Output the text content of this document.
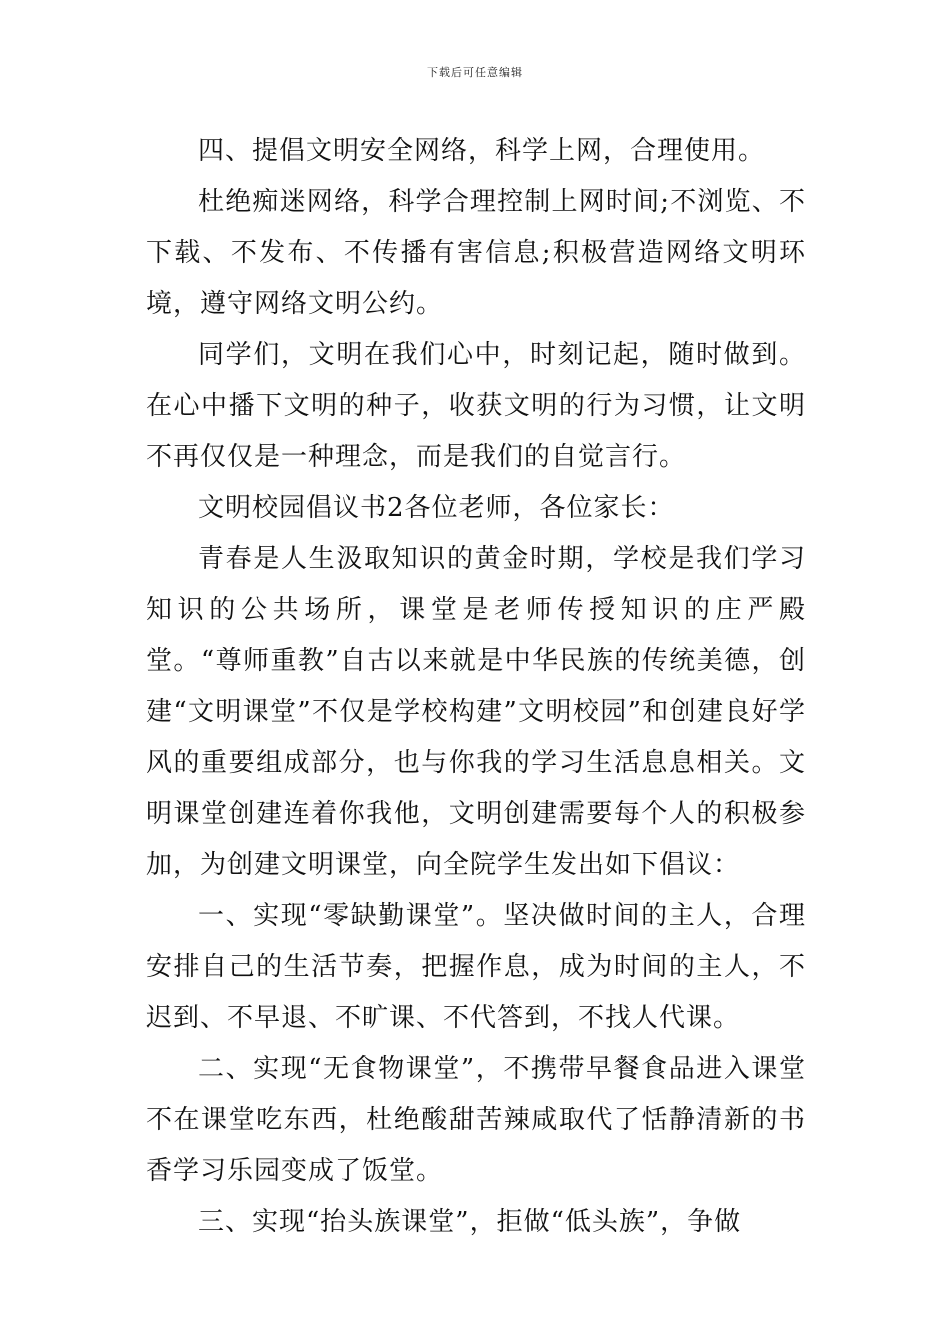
下载后可任意编辑

四、提倡文明安全网络，科学上网，合理使用。

杜绝痴迷网络，科学合理控制上网时间;不浏览、不下载、不发布、不传播有害信息;积极营造网络文明环境，遵守网络文明公约。

同学们，文明在我们心中，时刻记起，随时做到。在心中播下文明的种子，收获文明的行为习惯，让文明不再仅仅是一种理念，而是我们的自觉言行。

文明校园倡议书2各位老师，各位家长：

青春是人生汲取知识的黄金时期，学校是我们学习知识的公共场所，课堂是老师传授知识的庄严殿堂。“尊师重教”自古以来就是中华民族的传统美德，创建“文明课堂”不仅是学校构建”文明校园”和创建良好学风的重要组成部分，也与你我的学习生活息息相关。文明课堂创建连着你我他，文明创建需要每个人的积极参加，为创建文明课堂，向全院学生发出如下倡议：

一、实现“零缺勤课堂”。坚决做时间的主人，合理安排自己的生活节奏，把握作息，成为时间的主人，不迟到、不早退、不旷课、不代答到，不找人代课。

二、实现“无食物课堂”，不携带早餐食品进入课堂不在课堂吃东西，杜绝酸甜苦辣咸取代了恬静清新的书香学习乐园变成了饭堂。

三、实现“抬头族课堂”，拒做“低头族”，争做
